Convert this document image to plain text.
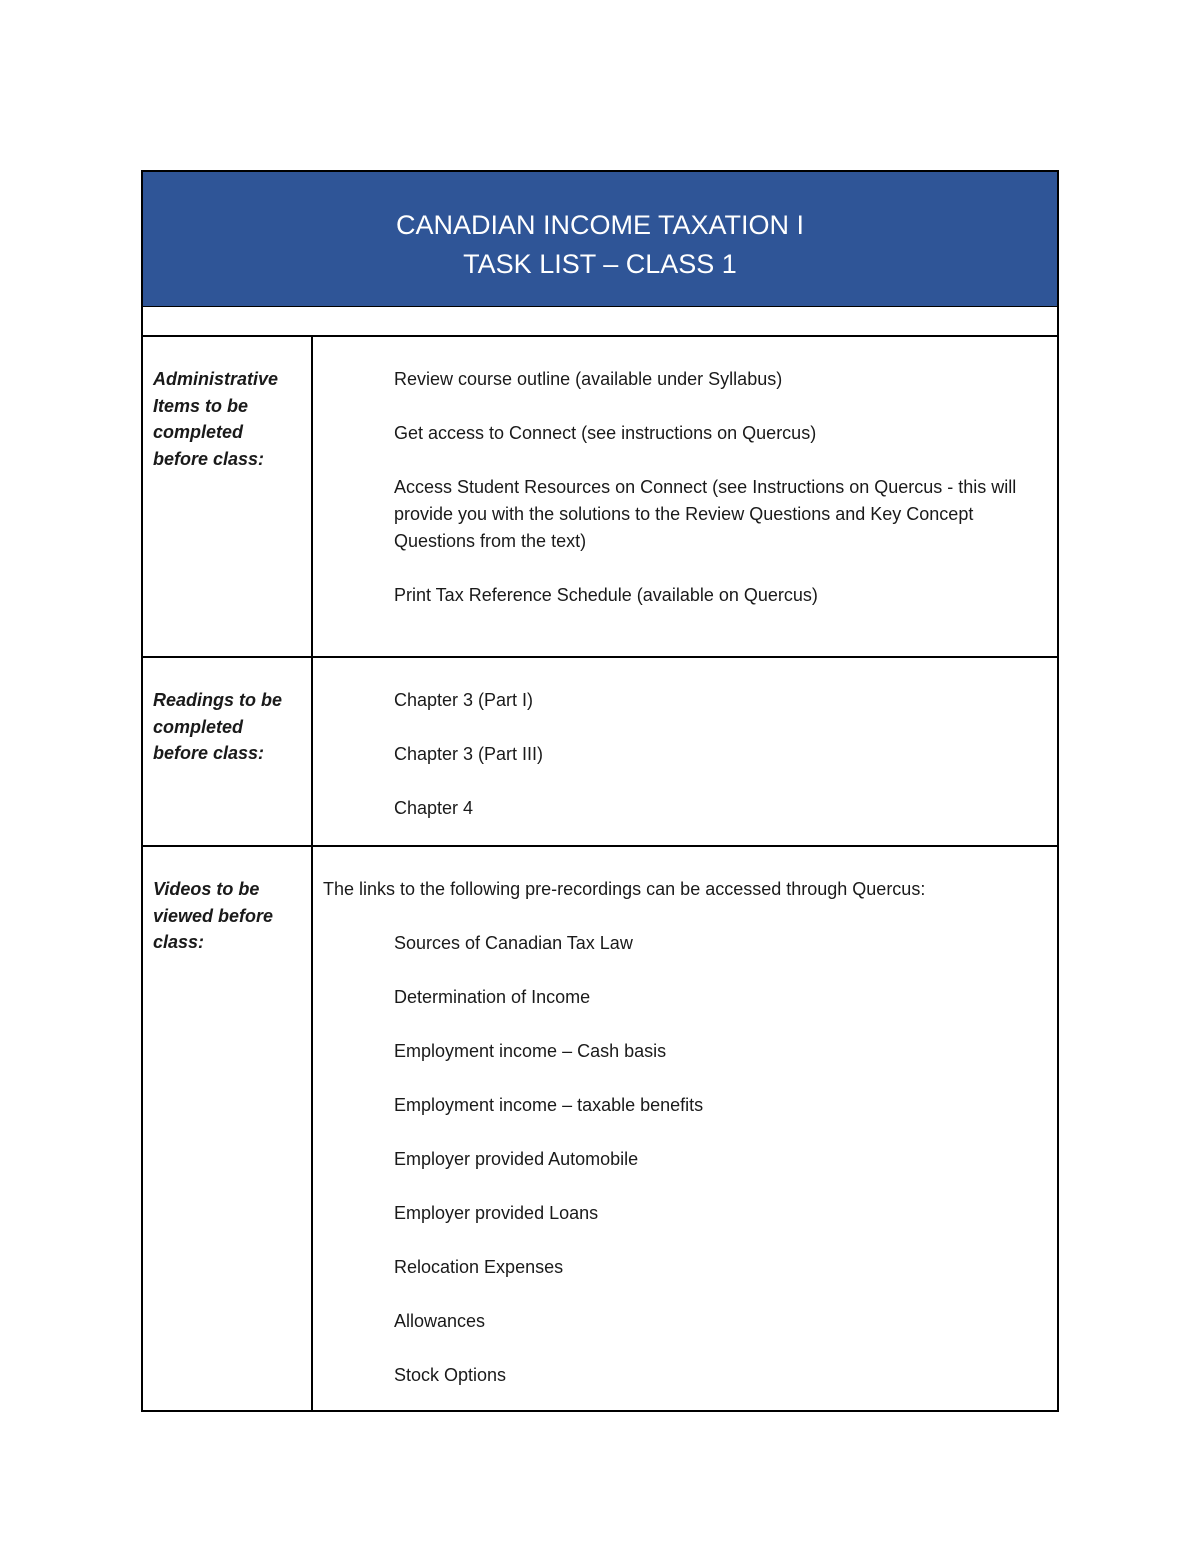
CANADIAN INCOME TAXATION I
TASK LIST – CLASS 1
Administrative Items to be completed before class:
Review course outline (available under Syllabus)
Get access to Connect (see instructions on Quercus)
Access Student Resources on Connect (see Instructions on Quercus - this will provide you with the solutions to the Review Questions and Key Concept Questions from the text)
Print Tax Reference Schedule (available on Quercus)
Readings to be completed before class:
Chapter 3 (Part I)
Chapter 3 (Part III)
Chapter 4
Videos to be viewed before class:

The links to the following pre-recordings can be accessed through Quercus:

Sources of Canadian Tax Law
Determination of Income
Employment income – Cash basis
Employment income – taxable benefits
Employer provided Automobile
Employer provided Loans
Relocation Expenses
Allowances
Stock Options
